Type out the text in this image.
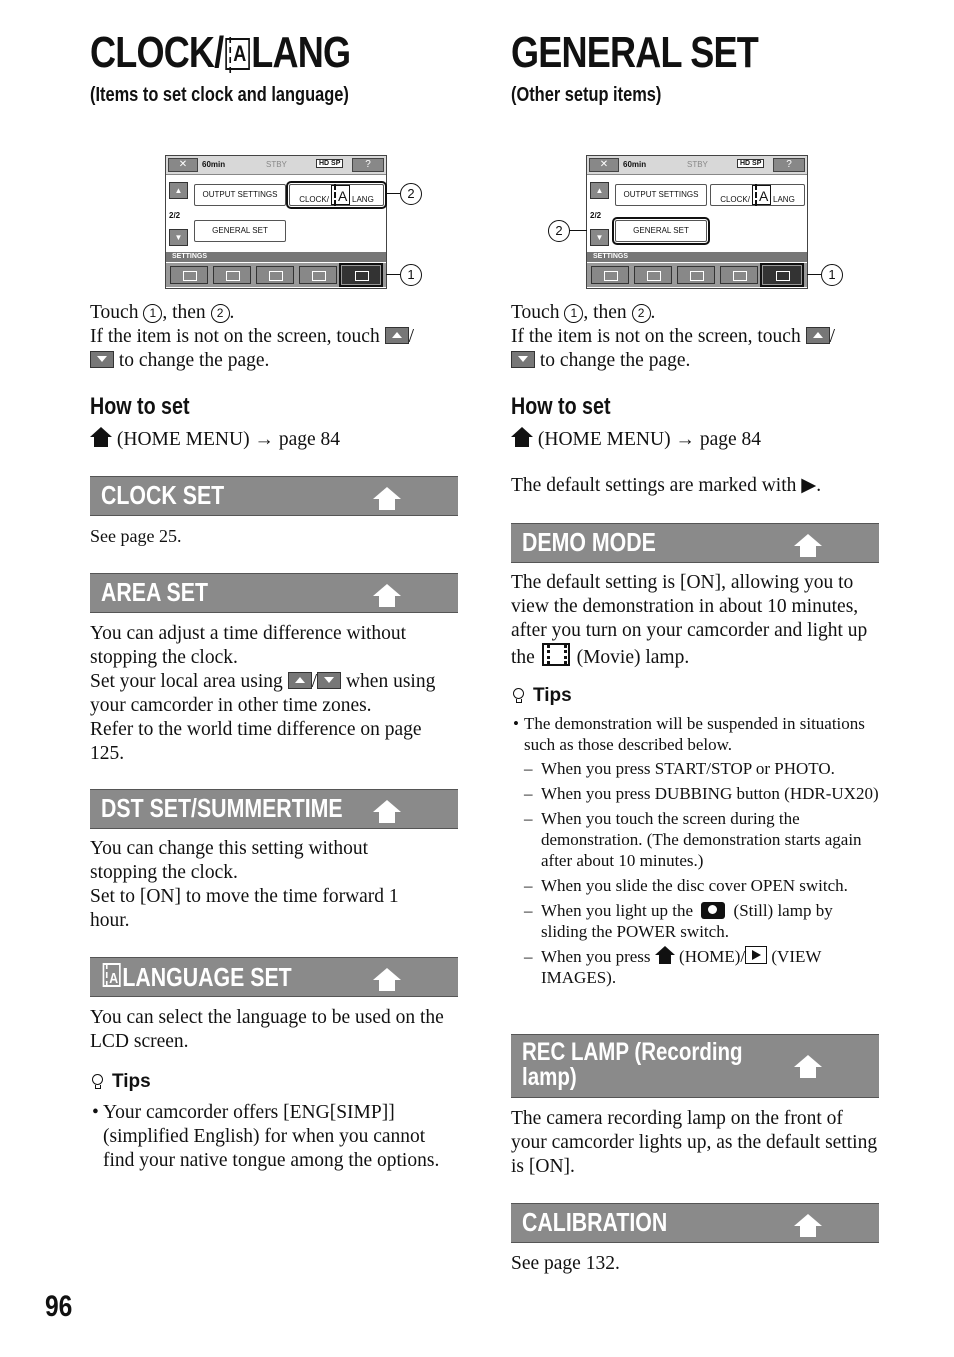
CLOCK/ A LANG
(Items to set clock and language)
✕	60min	STBY	HD SP	?
▲	OUTPUT SETTINGS
CLOCK/ A LANG
2/2
▼
GENERAL SET
SETTINGS
2
1
Touch 1 , then 2 .
If the item is not on the screen, touch /
to change the page.
How to set
(HOME MENU) → page 84
CLOCK SET
See page 25.
AREA SET
You can adjust a time difference without stopping the clock.
Set your local area using / when using your camcorder in other time zones.
Refer to the world time difference on page 125.
DST SET/SUMMERTIME
You can change this setting without stopping the clock.
Set to [ON] to move the time forward 1 hour.
A LANGUAGE SET
You can select the language to be used on the LCD screen.
Tips
• Your camcorder offers [ENG[SIMP]] (simplified English) for when you cannot find your native tongue among the options.
GENERAL SET
(Other setup items)
✕	60min	STBY	HD SP	?
▲	OUTPUT SETTINGS
CLOCK/ A LANG
2/2
▼
GENERAL SET
SETTINGS
2
1
Touch 1 , then 2 .
If the item is not on the screen, touch /
to change the page.
How to set
(HOME MENU) → page 84
The default settings are marked with ▶.
DEMO MODE
The default setting is [ON], allowing you to view the demonstration in about 10 minutes, after you turn on your camcorder and light up the  (Movie) lamp.
Tips
• The demonstration will be suspended in situations such as those described below.
– When you press START/STOP or PHOTO.
– When you press DUBBING button (HDR-UX20)
– When you touch the screen during the demonstration. (The demonstration starts again after about 10 minutes.)
– When you slide the disc cover OPEN switch.
– When you light up the  (Still) lamp by sliding the POWER switch.
– When you press  (HOME)/ (VIEW IMAGES).
REC LAMP (Recording lamp)
The camera recording lamp on the front of your camcorder lights up, as the default setting is [ON].
CALIBRATION
See page 132.
96
